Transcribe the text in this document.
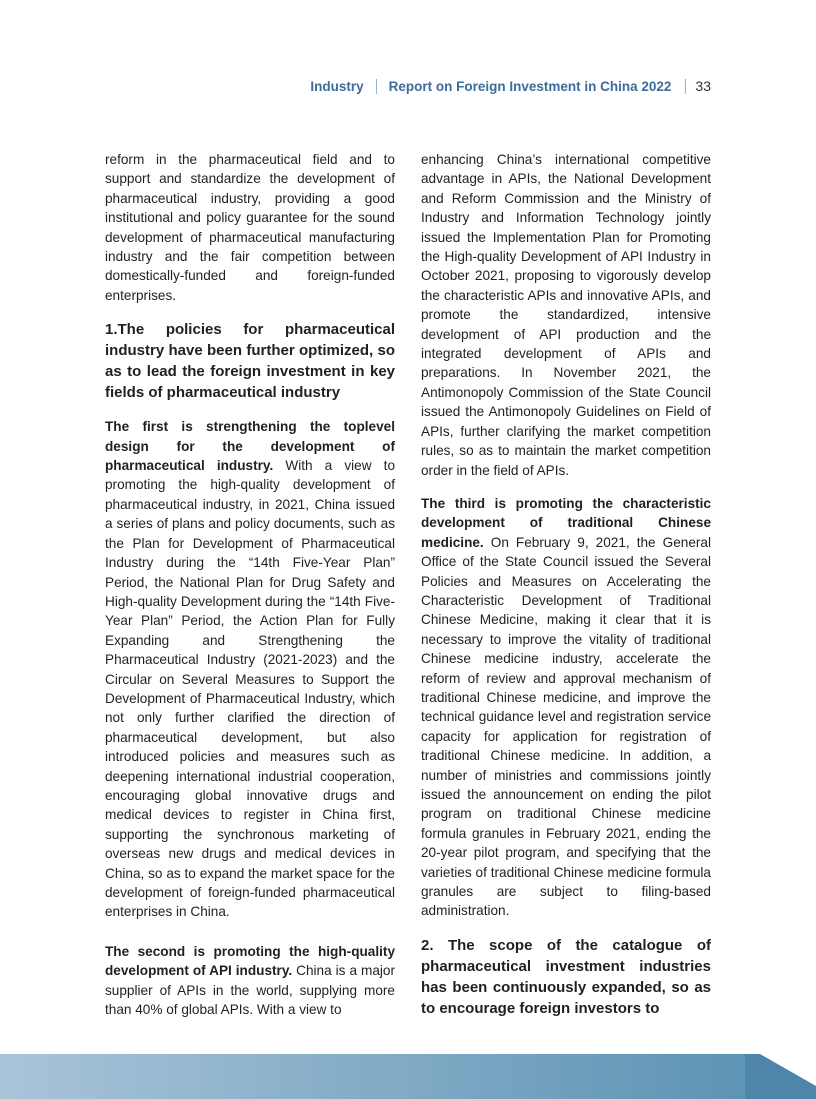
Industry Report on Foreign Investment in China 2022 33

reform in the pharmaceutical field and to support and standardize the development of pharmaceutical industry, providing a good institutional and policy guarantee for the sound development of pharmaceutical manufacturing industry and the fair competition between domestically-funded and foreign-funded enterprises.

1.The policies for pharmaceutical industry have been further optimized, so as to lead the foreign investment in key fields of pharmaceutical industry

The first is strengthening the toplevel design for the development of pharmaceutical industry. With a view to promoting the high-quality development of pharmaceutical industry, in 2021, China issued a series of plans and policy documents, such as the Plan for Development of Pharmaceutical Industry during the “14th Five-Year Plan” Period, the National Plan for Drug Safety and High-quality Development during the “14th Five-Year Plan” Period, the Action Plan for Fully Expanding and Strengthening the Pharmaceutical Industry (2021-2023) and the Circular on Several Measures to Support the Development of Pharmaceutical Industry, which not only further clarified the direction of pharmaceutical development, but also introduced policies and measures such as deepening international industrial cooperation, encouraging global innovative drugs and medical devices to register in China first, supporting the synchronous marketing of overseas new drugs and medical devices in China, so as to expand the market space for the development of foreign-funded pharmaceutical enterprises in China.

The second is promoting the high-quality development of API industry. China is a major supplier of APIs in the world, supplying more than 40% of global APIs. With a view to

enhancing China’s international competitive advantage in APIs, the National Development and Reform Commission and the Ministry of Industry and Information Technology jointly issued the Implementation Plan for Promoting the High-quality Development of API Industry in October 2021, proposing to vigorously develop the characteristic APIs and innovative APIs, and promote the standardized, intensive development of API production and the integrated development of APIs and preparations. In November 2021, the Antimonopoly Commission of the State Council issued the Antimonopoly Guidelines on Field of APIs, further clarifying the market competition rules, so as to maintain the market competition order in the field of APIs.

The third is promoting the characteristic development of traditional Chinese medicine. On February 9, 2021, the General Office of the State Council issued the Several Policies and Measures on Accelerating the Characteristic Development of Traditional Chinese Medicine, making it clear that it is necessary to improve the vitality of traditional Chinese medicine industry, accelerate the reform of review and approval mechanism of traditional Chinese medicine, and improve the technical guidance level and registration service capacity for application for registration of traditional Chinese medicine. In addition, a number of ministries and commissions jointly issued the announcement on ending the pilot program on traditional Chinese medicine formula granules in February 2021, ending the 20-year pilot program, and specifying that the varieties of traditional Chinese medicine formula granules are subject to filing-based administration.

2. The scope of the catalogue of pharmaceutical investment industries has been continuously expanded, so as to encourage foreign investors to
